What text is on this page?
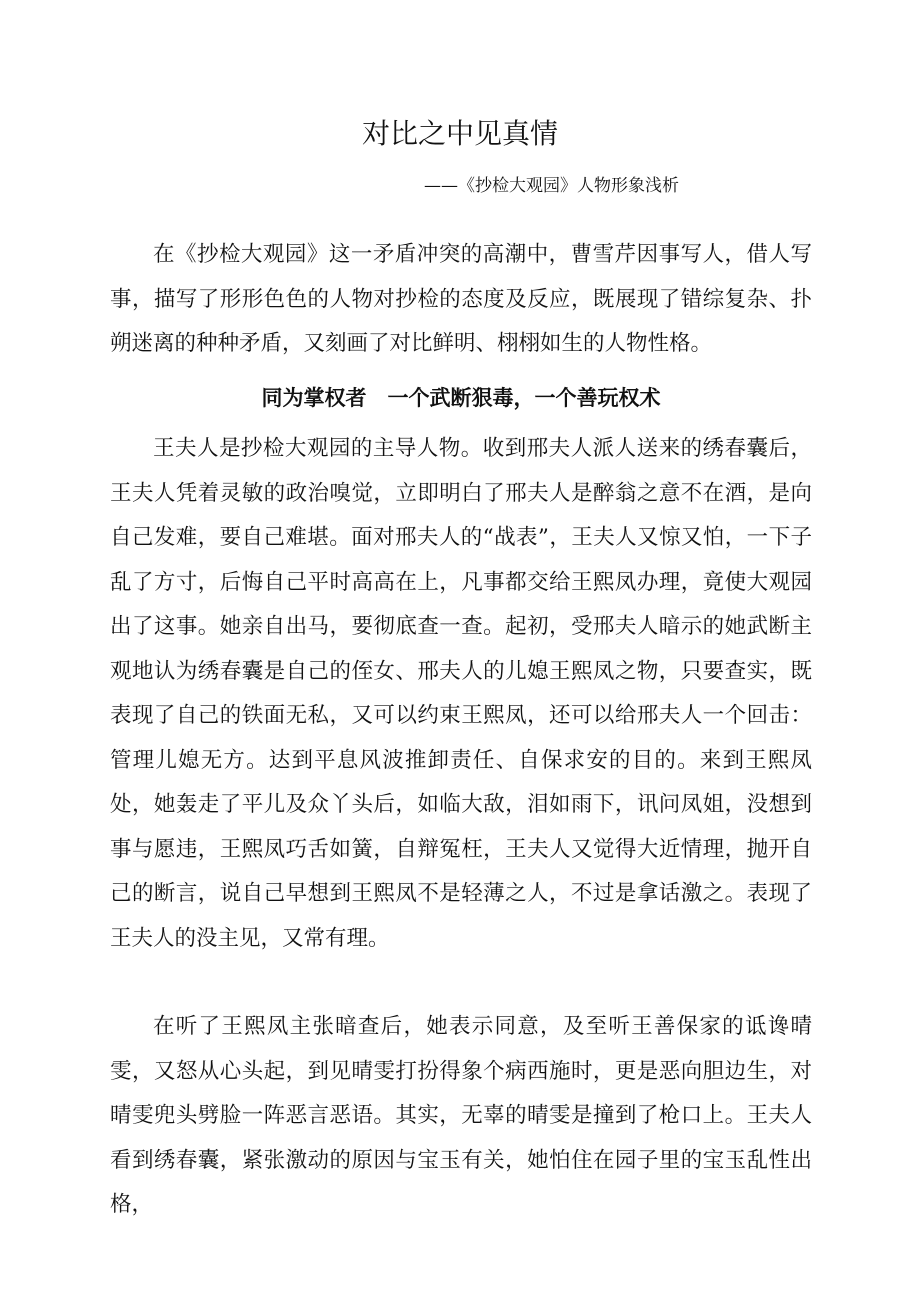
对比之中见真情
——《抄检大观园》人物形象浅析

在《抄检大观园》这一矛盾冲突的高潮中，曹雪芹因事写人，借人写事，描写了形形色色的人物对抄检的态度及反应，既展现了错综复杂、扑朔迷离的种种矛盾，又刻画了对比鲜明、栩栩如生的人物性格。

同为掌权者　一个武断狠毒，一个善玩权术

王夫人是抄检大观园的主导人物。收到邢夫人派人送来的绣春囊后，王夫人凭着灵敏的政治嗅觉，立即明白了邢夫人是醉翁之意不在酒，是向自己发难，要自己难堪。面对邢夫人的“战表”，王夫人又惊又怕，一下子乱了方寸，后悔自己平时高高在上，凡事都交给王熙凤办理，竟使大观园出了这事。她亲自出马，要彻底查一查。起初，受邢夫人暗示的她武断主观地认为绣春囊是自己的侄女、邢夫人的儿媳王熙凤之物，只要查实，既表现了自己的铁面无私，又可以约束王熙凤，还可以给邢夫人一个回击：管理儿媳无方。达到平息风波推卸责任、自保求安的目的。来到王熙凤处，她轰走了平儿及众丫头后，如临大敌，泪如雨下，讯问凤姐，没想到事与愿违，王熙凤巧舌如簧，自辩冤枉，王夫人又觉得大近情理，抛开自己的断言，说自己早想到王熙凤不是轻薄之人，不过是拿话激之。表现了王夫人的没主见，又常有理。

在听了王熙凤主张暗查后，她表示同意，及至听王善保家的诋谗晴雯，又怒从心头起，到见晴雯打扮得象个病西施时，更是恶向胆边生，对晴雯兜头劈脸一阵恶言恶语。其实，无辜的晴雯是撞到了枪口上。王夫人看到绣春囊，紧张激动的原因与宝玉有关，她怕住在园子里的宝玉乱性出格，
